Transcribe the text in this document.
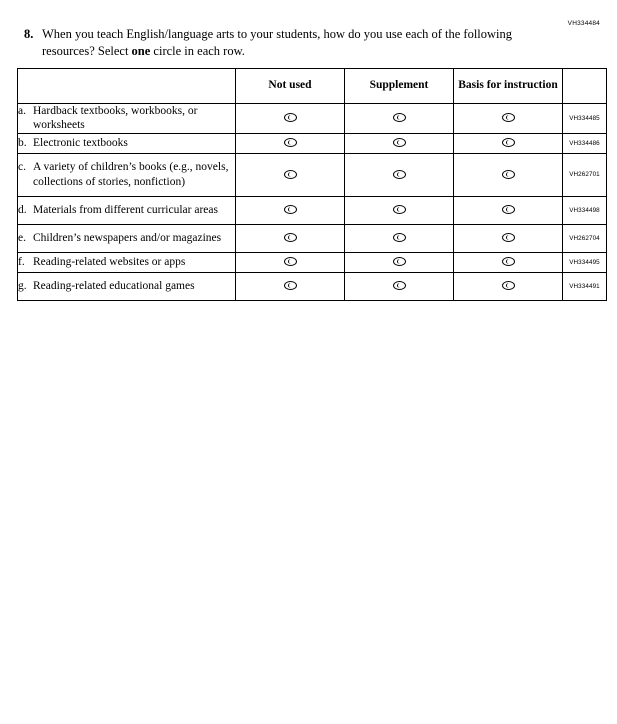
VH334484
8. When you teach English/language arts to your students, how do you use each of the following resources? Select one circle in each row.
	Not used	Supplement	Basis for instruction	

a. Hardback textbooks, workbooks, or worksheets				VH334485

b. Electronic textbooks				VH334486

c. A variety of children’s books (e.g., novels, collections of stories, nonfiction)				VH262701

d. Materials from different curricular areas				VH334498

e. Children’s newspapers and/or magazines				VH262704

f. Reading-related websites or apps				VH334495

g. Reading-related educational games				VH334491
